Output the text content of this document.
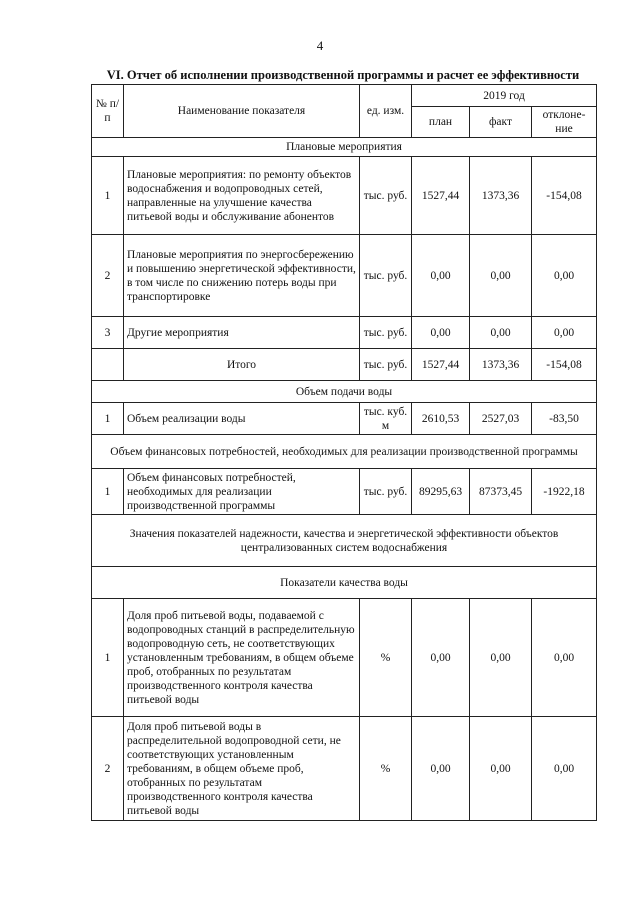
4
VI. Отчет об исполнении производственной программы и расчет ее эффективности
№ п/п	Наименование показателя	ед. изм.	2019 год		
			план	факт	отклоне-ние
Плановые мероприятия					
1	Плановые мероприятия: по ремонту объектов водоснабжения и водопроводных сетей, направленные на улучшение качества питьевой воды и обслуживание абонентов	тыс. руб.	1527,44	1373,36	-154,08
2	Плановые мероприятия по энергосбережению и повышению энергетической эффективности, в том числе по снижению потерь воды при транспортировке	тыс. руб.	0,00	0,00	0,00
3	Другие мероприятия	тыс. руб.	0,00	0,00	0,00
	Итого	тыс. руб.	1527,44	1373,36	-154,08
Объем подачи воды					
1	Объем реализации воды	тыс. куб. м	2610,53	2527,03	-83,50
Объем финансовых потребностей, необходимых для реализации производственной программы					
1	Объем финансовых потребностей, необходимых для реализации производственной программы	тыс. руб.	89295,63	87373,45	-1922,18
Значения показателей надежности, качества и энергетической эффективности объектов централизованных систем водоснабжения					
Показатели качества воды					
1	Доля проб питьевой воды, подаваемой с водопроводных станций в распределительную водопроводную сеть, не соответствующих установленным требованиям, в общем объеме проб, отобранных по результатам производственного контроля качества питьевой воды	%	0,00	0,00	0,00
2	Доля проб питьевой воды в распределительной водопроводной сети, не соответствующих установленным требованиям, в общем объеме проб, отобранных по результатам производственного контроля качества питьевой воды	%	0,00	0,00	0,00
